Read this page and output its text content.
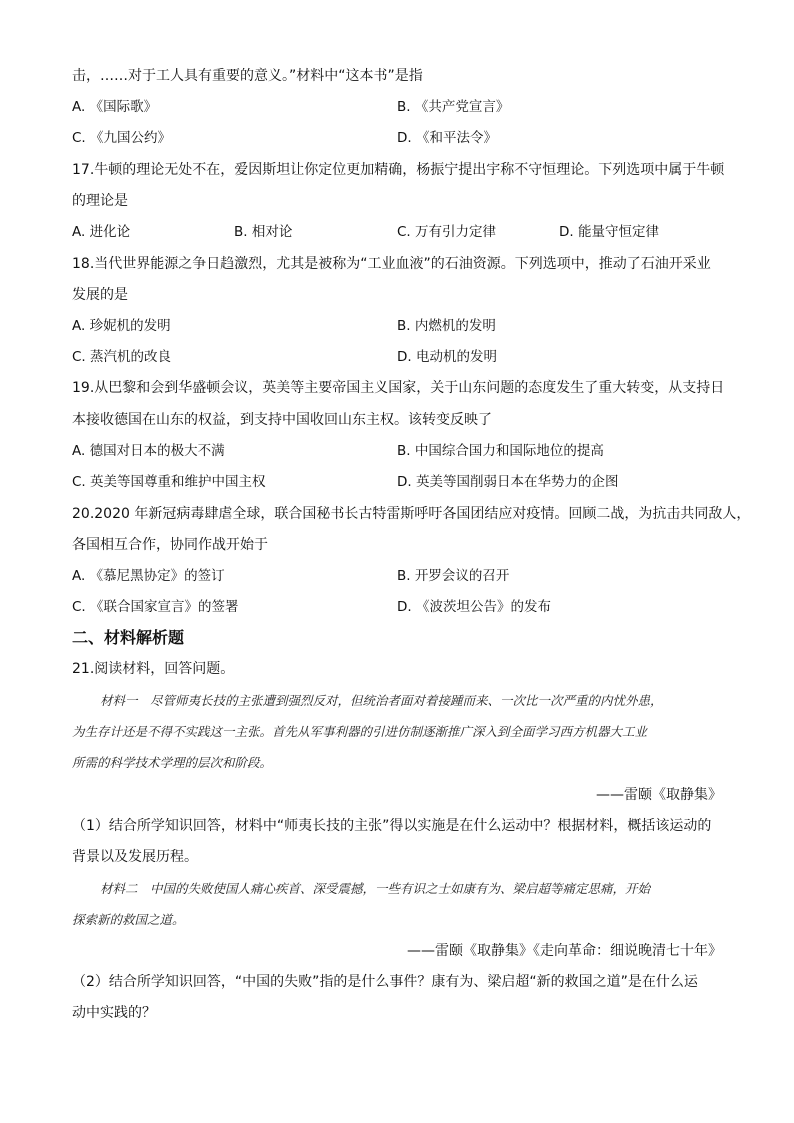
击，……对于工人具有重要的意义。”材料中“这本书”是指
A. 《国际歌》	B. 《共产党宣言》
C. 《九国公约》	D. 《和平法令》
17.牛顿的理论无处不在，爱因斯坦让你定位更加精确，杨振宁提出宇称不守恒理论。下列选项中属于牛顿
的理论是
A. 进化论	B. 相对论	C. 万有引力定律	D. 能量守恒定律
18.当代世界能源之争日趋激烈，尤其是被称为“工业血液”的石油资源。下列选项中，推动了石油开采业
发展的是
A. 珍妮机的发明	B. 内燃机的发明
C. 蒸汽机的改良	D. 电动机的发明
19.从巴黎和会到华盛顿会议，英美等主要帝国主义国家，关于山东问题的态度发生了重大转变，从支持日
本接收德国在山东的权益，到支持中国收回山东主权。该转变反映了
A. 德国对日本的极大不满	B. 中国综合国力和国际地位的提高
C. 英美等国尊重和维护中国主权	D. 英美等国削弱日本在华势力的企图
20.2020 年新冠病毒肆虐全球，联合国秘书长古特雷斯呼吁各国团结应对疫情。回顾二战，为抗击共同敌人，
各国相互合作，协同作战开始于
A. 《慕尼黑协定》的签订	B. 开罗会议的召开
C. 《联合国家宣言》的签署	D. 《波茨坦公告》的发布
二、材料解析题
21.阅读材料，回答问题。
材料一　尽管师夷长技的主张遭到强烈反对，但统治者面对着接踵而来、一次比一次严重的内忧外患，
为生存计还是不得不实践这一主张。首先从军事利器的引进仿制逐渐推广深入到全面学习西方机器大工业
所需的科学技术学理的层次和阶段。
——雷颐《取静集》
（1）结合所学知识回答，材料中“师夷长技的主张”得以实施是在什么运动中？根据材料，概括该运动的
背景以及发展历程。
材料二　中国的失败使国人痛心疾首、深受震撼，一些有识之士如康有为、梁启超等痛定思痛，开始
探索新的救国之道。
——雷颐《取静集》《走向革命：细说晚清七十年》
（2）结合所学知识回答，“中国的失败”指的是什么事件？康有为、梁启超“新的救国之道”是在什么运
动中实践的？
